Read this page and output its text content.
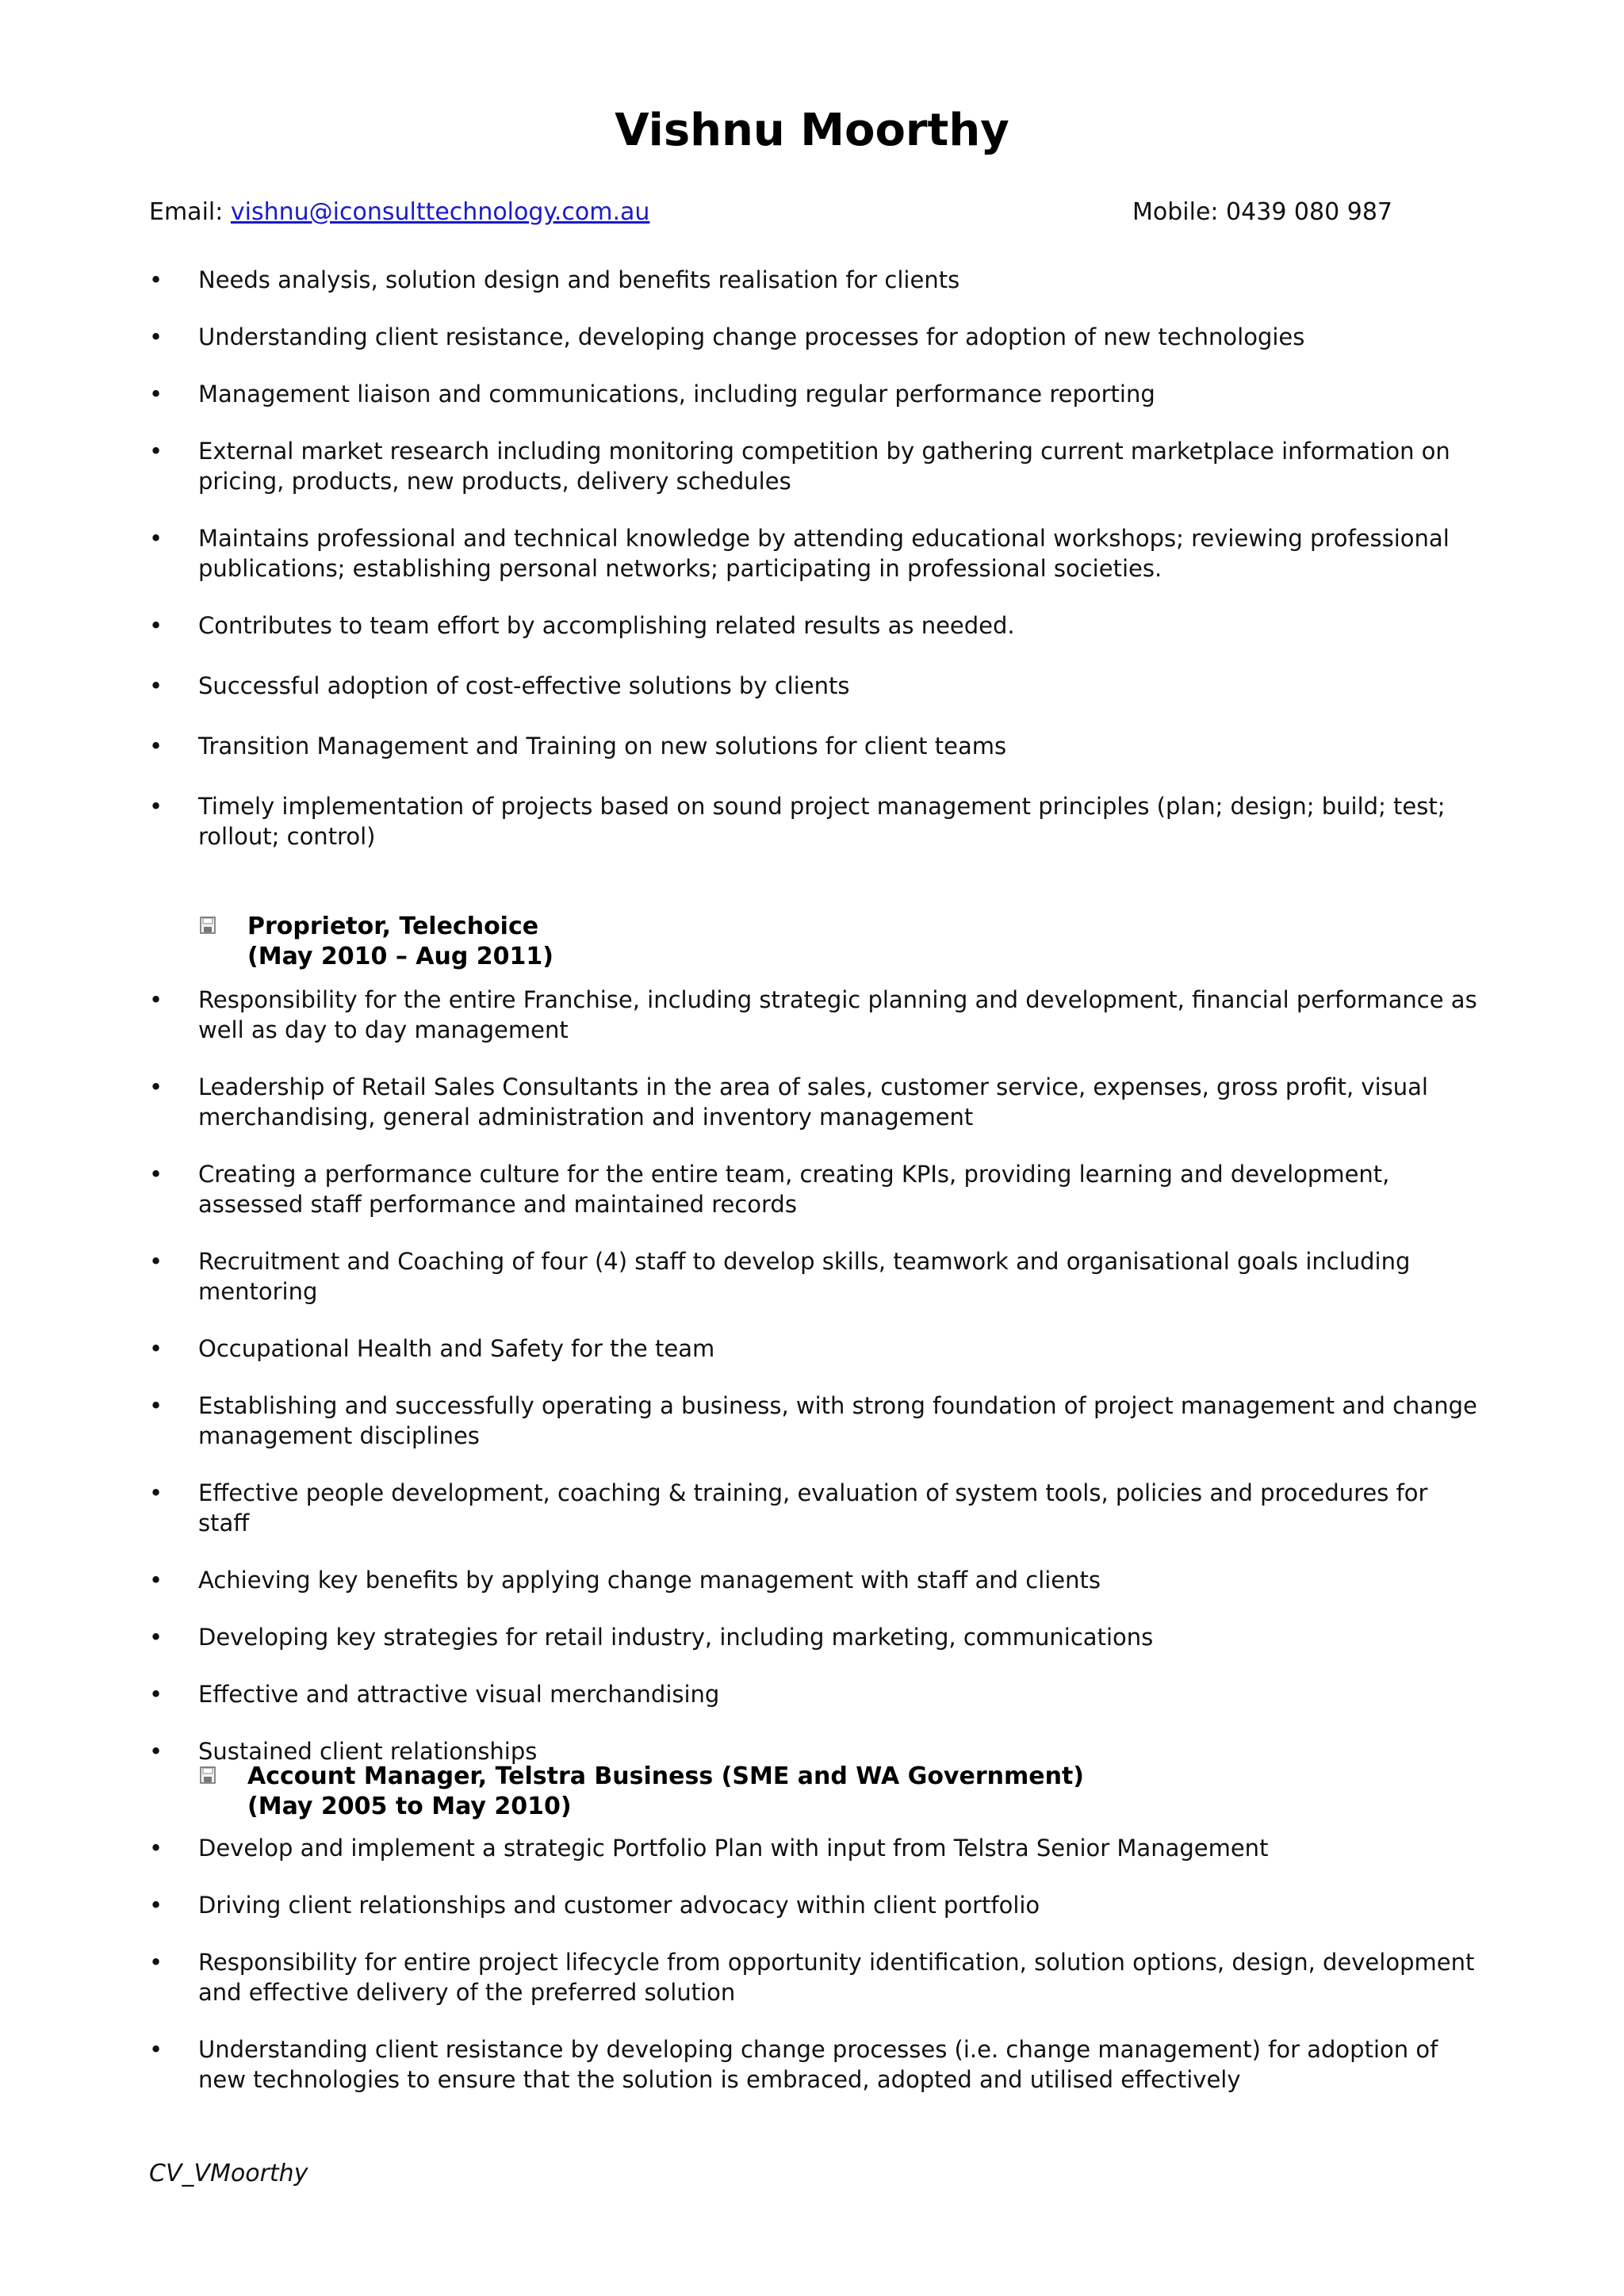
Vishnu Moorthy
Email: vishnu@iconsulttechnology.com.au	Mobile: 0439 080 987
• Needs analysis, solution design and benefits realisation for clients
• Understanding client resistance, developing change processes for adoption of new technologies
• Management liaison and communications, including regular performance reporting
• External market research including monitoring competition by gathering current marketplace information on pricing, products, new products, delivery schedules
• Maintains professional and technical knowledge by attending educational workshops; reviewing professional publications; establishing personal networks; participating in professional societies.
• Contributes to team effort by accomplishing related results as needed.
• Successful adoption of cost-effective solutions by clients
• Transition Management and Training on new solutions for client teams
• Timely implementation of projects based on sound project management principles (plan; design; build; test; rollout; control)
Proprietor, Telechoice
(May 2010 – Aug 2011)
• Responsibility for the entire Franchise, including strategic planning and development, financial performance as well as day to day management
• Leadership of Retail Sales Consultants in the area of sales, customer service, expenses, gross profit, visual merchandising, general administration and inventory management
• Creating a performance culture for the entire team, creating KPIs, providing learning and development, assessed staff performance and maintained records
• Recruitment and Coaching of four (4) staff to develop skills, teamwork and organisational goals including mentoring
• Occupational Health and Safety for the team
• Establishing and successfully operating a business, with strong foundation of project management and change management disciplines
• Effective people development, coaching & training, evaluation of system tools, policies and procedures for staff
• Achieving key benefits by applying change management with staff and clients
• Developing key strategies for retail industry, including marketing, communications
• Effective and attractive visual merchandising
• Sustained client relationships
Account Manager, Telstra Business (SME and WA Government)
(May 2005 to May 2010)
• Develop and implement a strategic Portfolio Plan with input from Telstra Senior Management
• Driving client relationships and customer advocacy within client portfolio
• Responsibility for entire project lifecycle from opportunity identification, solution options, design, development and effective delivery of the preferred solution
• Understanding client resistance by developing change processes (i.e. change management) for adoption of new technologies to ensure that the solution is embraced, adopted and utilised effectively
CV_VMoorthy
